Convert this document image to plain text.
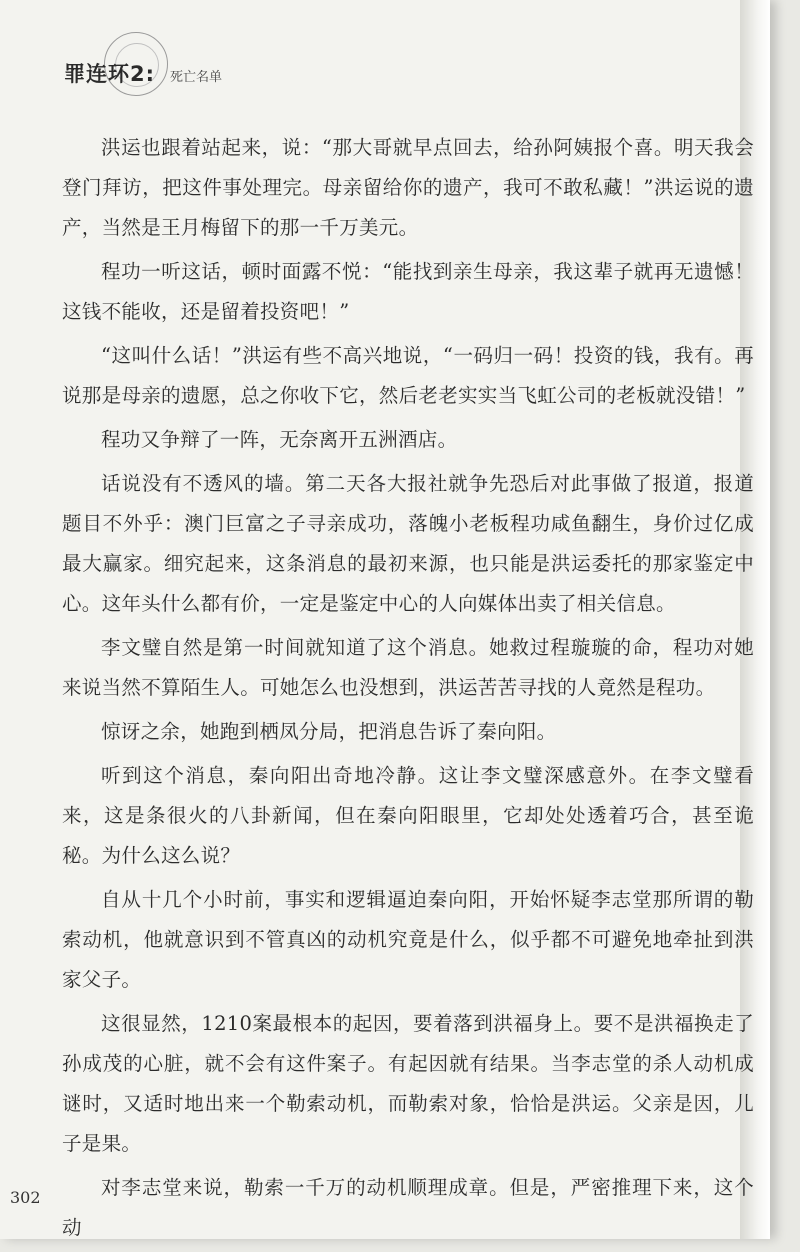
罪连环2: 死亡名单

洪运也跟着站起来，说：“那大哥就早点回去，给孙阿姨报个喜。明天我会登门拜访，把这件事处理完。母亲留给你的遗产，我可不敢私藏！”洪运说的遗产，当然是王月梅留下的那一千万美元。

程功一听这话，顿时面露不悦：“能找到亲生母亲，我这辈子就再无遗憾！这钱不能收，还是留着投资吧！”

“这叫什么话！”洪运有些不高兴地说，“一码归一码！投资的钱，我有。再说那是母亲的遗愿，总之你收下它，然后老老实实当飞虹公司的老板就没错！”

程功又争辩了一阵，无奈离开五洲酒店。

话说没有不透风的墙。第二天各大报社就争先恐后对此事做了报道，报道题目不外乎：澳门巨富之子寻亲成功，落魄小老板程功咸鱼翻生，身价过亿成最大赢家。细究起来，这条消息的最初来源，也只能是洪运委托的那家鉴定中心。这年头什么都有价，一定是鉴定中心的人向媒体出卖了相关信息。

李文璧自然是第一时间就知道了这个消息。她救过程璇璇的命，程功对她来说当然不算陌生人。可她怎么也没想到，洪运苦苦寻找的人竟然是程功。

惊讶之余，她跑到栖凤分局，把消息告诉了秦向阳。

听到这个消息，秦向阳出奇地冷静。这让李文璧深感意外。在李文璧看来，这是条很火的八卦新闻，但在秦向阳眼里，它却处处透着巧合，甚至诡秘。为什么这么说？

自从十几个小时前，事实和逻辑逼迫秦向阳，开始怀疑李志堂那所谓的勒索动机，他就意识到不管真凶的动机究竟是什么，似乎都不可避免地牵扯到洪家父子。

这很显然，1210案最根本的起因，要着落到洪福身上。要不是洪福换走了孙成茂的心脏，就不会有这件案子。有起因就有结果。当李志堂的杀人动机成谜时，又适时地出来一个勒索动机，而勒索对象，恰恰是洪运。父亲是因，儿子是果。

对李志堂来说，勒索一千万的动机顺理成章。但是，严密推理下来，这个动

302
